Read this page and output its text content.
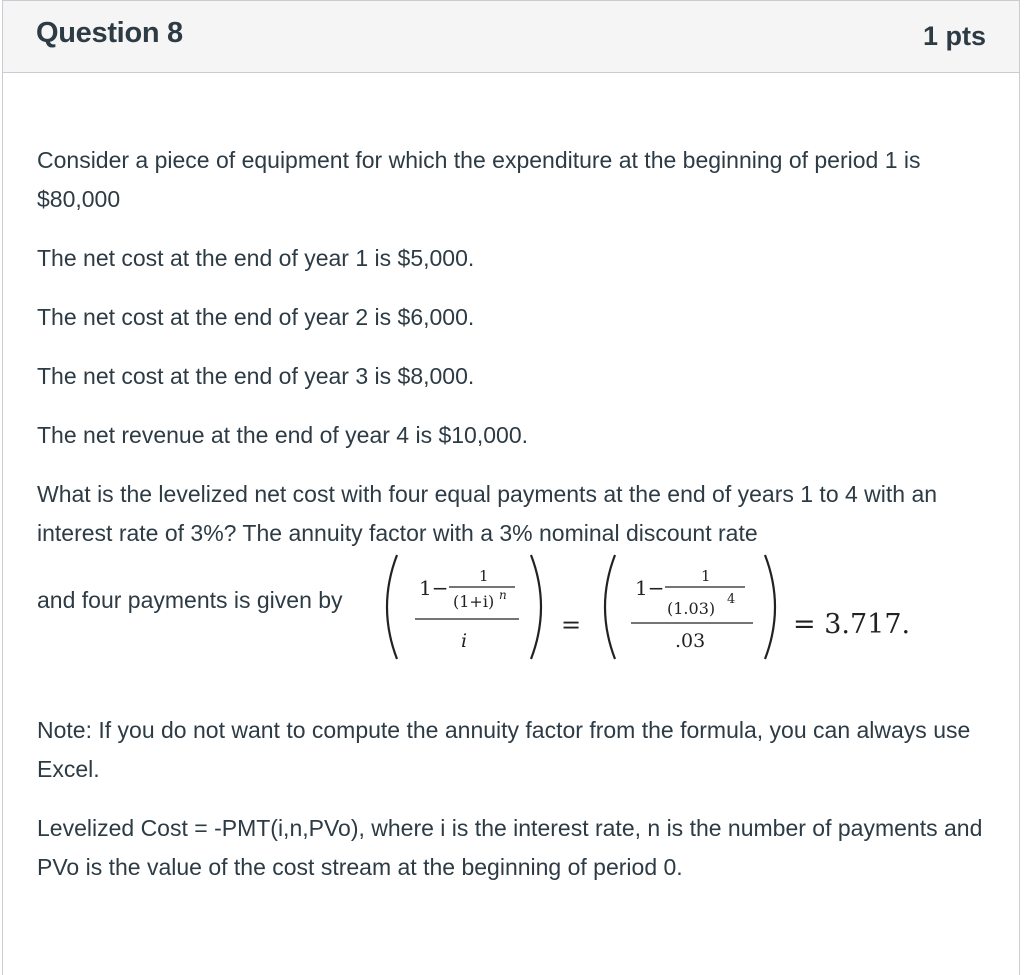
Question 8	1 pts

Consider a piece of equipment for which the expenditure at the beginning of period 1 is $80,000

The net cost at the end of year 1 is $5,000.

The net cost at the end of year 2 is $6,000.

The net cost at the end of year 3 is $8,000.

The net revenue at the end of year 4 is $10,000.

What is the levelized net cost with four equal payments at the end of years 1 to 4 with an interest rate of 3%? The annuity factor with a 3% nominal discount rate

and four payments is given by	1− 1
(1+i) n
i
=
1− 1
(1.03) 4
.03
= 3.717.

Note: If you do not want to compute the annuity factor from the formula, you can always use Excel.

Levelized Cost = -PMT(i,n,PVo), where i is the interest rate, n is the number of payments and PVo is the value of the cost stream at the beginning of period 0.
